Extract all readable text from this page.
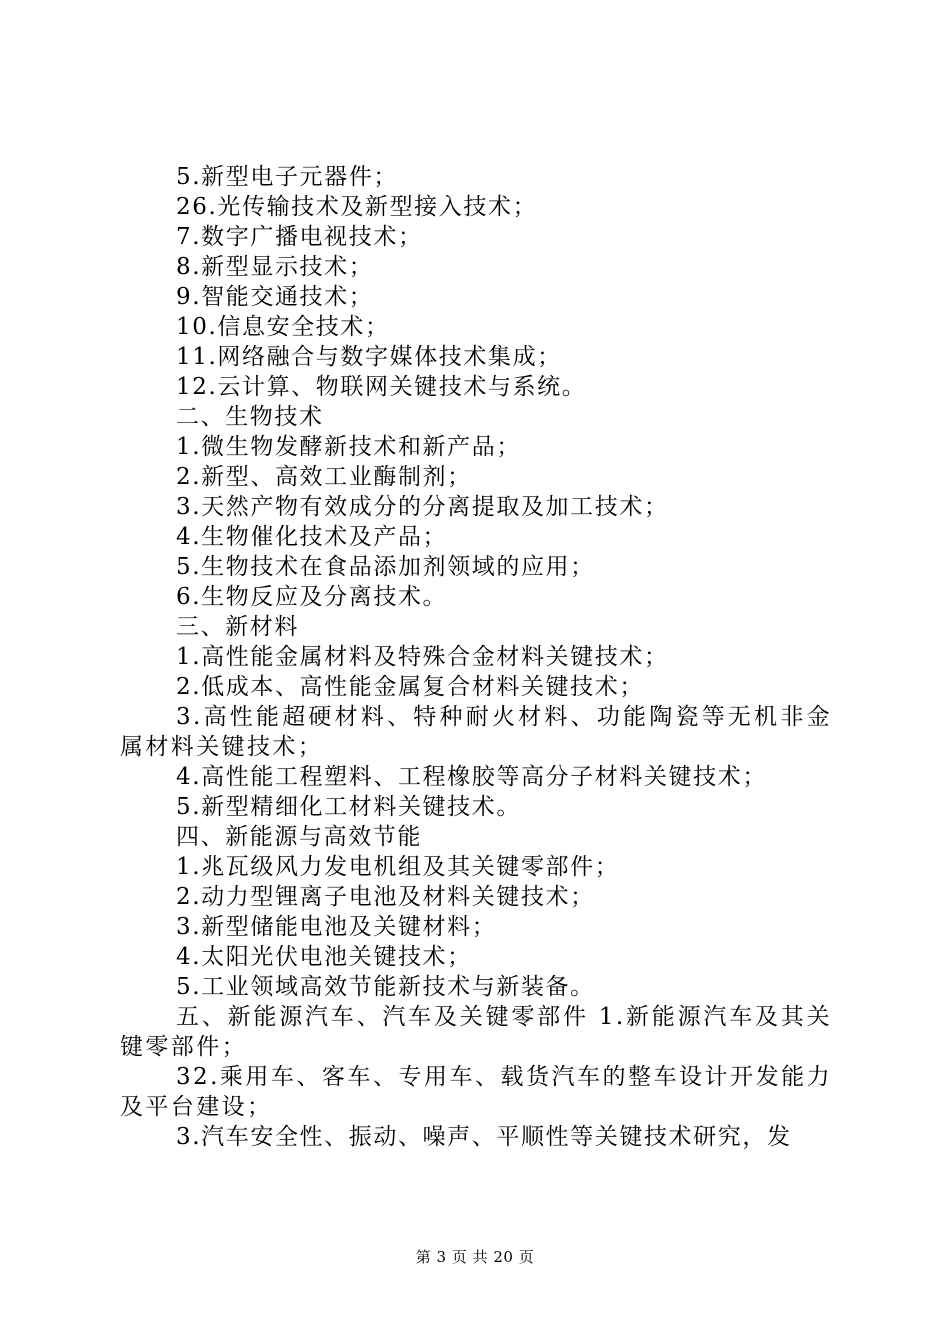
5.新型电子元器件；
26.光传输技术及新型接入技术；
7.数字广播电视技术；
8.新型显示技术；
9.智能交通技术；
10.信息安全技术；
11.网络融合与数字媒体技术集成；
12.云计算、物联网关键技术与系统。
二、生物技术
1.微生物发酵新技术和新产品；
2.新型、高效工业酶制剂；
3.天然产物有效成分的分离提取及加工技术；
4.生物催化技术及产品；
5.生物技术在食品添加剂领域的应用；
6.生物反应及分离技术。
三、新材料
1.高性能金属材料及特殊合金材料关键技术；
2.低成本、高性能金属复合材料关键技术；
3.高性能超硬材料、特种耐火材料、功能陶瓷等无机非金属材料关键技术；
4.高性能工程塑料、工程橡胶等高分子材料关键技术；
5.新型精细化工材料关键技术。
四、新能源与高效节能
1.兆瓦级风力发电机组及其关键零部件；
2.动力型锂离子电池及材料关键技术；
3.新型储能电池及关键材料；
4.太阳光伏电池关键技术；
5.工业领域高效节能新技术与新装备。
五、新能源汽车、汽车及关键零部件 1.新能源汽车及其关键零部件；
32.乘用车、客车、专用车、载货汽车的整车设计开发能力及平台建设；
3.汽车安全性、振动、噪声、平顺性等关键技术研究，发
第 3 页 共 20 页
